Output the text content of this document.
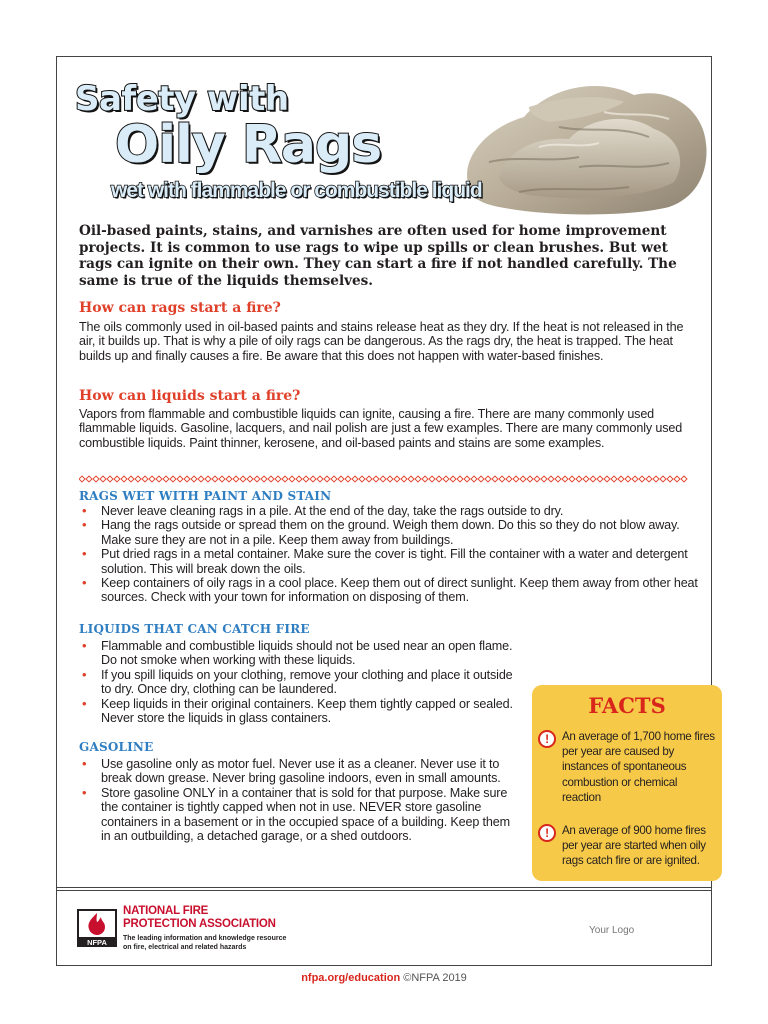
Safety with
Oily Rags
wet with flammable or combustible liquid
Oil-based paints, stains, and varnishes are often used for home improvement projects. It is common to use rags to wipe up spills or clean brushes. But wet rags can ignite on their own. They can start a fire if not handled carefully. The same is true of the liquids themselves.
How can rags start a fire?
The oils commonly used in oil-based paints and stains release heat as they dry. If the heat is not released in the air, it builds up. That is why a pile of oily rags can be dangerous. As the rags dry, the heat is trapped. The heat builds up and finally causes a fire. Be aware that this does not happen with water-based finishes.
How can liquids start a fire?
Vapors from flammable and combustible liquids can ignite, causing a fire. There are many commonly used flammable liquids. Gasoline, lacquers, and nail polish are just a few examples. There are many commonly used combustible liquids. Paint thinner, kerosene, and oil-based paints and stains are some examples.
RAGS WET WITH PAINT AND STAIN
• Never leave cleaning rags in a pile. At the end of the day, take the rags outside to dry.
• Hang the rags outside or spread them on the ground. Weigh them down. Do this so they do not blow away. Make sure they are not in a pile. Keep them away from buildings.
• Put dried rags in a metal container. Make sure the cover is tight. Fill the container with a water and detergent solution. This will break down the oils.
• Keep containers of oily rags in a cool place. Keep them out of direct sunlight. Keep them away from other heat sources. Check with your town for information on disposing of them.
LIQUIDS THAT CAN CATCH FIRE
• Flammable and combustible liquids should not be used near an open flame. Do not smoke when working with these liquids.
• If you spill liquids on your clothing, remove your clothing and place it outside to dry. Once dry, clothing can be laundered.
• Keep liquids in their original containers. Keep them tightly capped or sealed. Never store the liquids in glass containers.
GASOLINE
• Use gasoline only as motor fuel. Never use it as a cleaner. Never use it to break down grease. Never bring gasoline indoors, even in small amounts.
• Store gasoline ONLY in a container that is sold for that purpose. Make sure the container is tightly capped when not in use. NEVER store gasoline containers in a basement or in the occupied space of a building. Keep them in an outbuilding, a detached garage, or a shed outdoors.
FACTS
!	An average of 1,700 home fires per year are caused by instances of spontaneous combustion or chemical reaction
!	An average of 900 home fires per year are started when oily rags catch fire or are ignited.
NFPA
NATIONAL FIRE
PROTECTION ASSOCIATION
The leading information and knowledge resource on fire, electrical and related hazards
Your Logo
nfpa.org/education ©NFPA 2019
